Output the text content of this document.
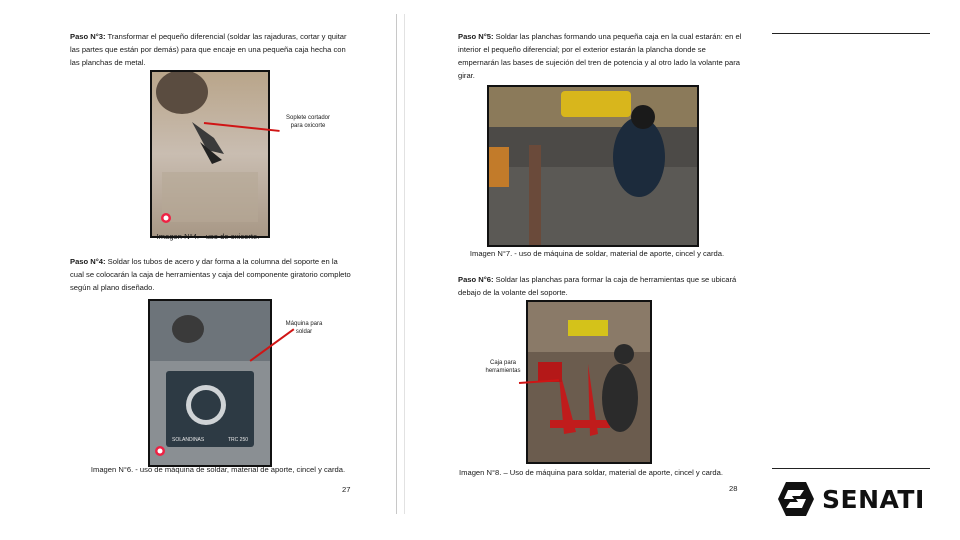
Paso N°3: Transformar el pequeño diferencial (soldar las rajaduras, cortar y quitar las partes que están por demás) para que encaje en una pequeña caja hecha con las planchas de metal.

Soplete cortador para oxicorte
Imagen N°4. - uso de oxicorte.

Paso N°4: Soldar los tubos de acero y dar forma a la columna del soporte en la cual se colocarán la caja de herramientas y caja del componente giratorio completo según al plano diseñado.

SOLANDINAS	TRC 250
Máquina para soldar
Imagen N°6. - uso de máquina de soldar, material de aporte, cincel y carda.
27

Paso N°5: Soldar las planchas formando una pequeña caja en la cual estarán: en el interior el pequeño diferencial; por el exterior estarán la plancha donde se empernarán las bases de sujeción del tren de potencia y al otro lado la volante para girar.

Imagen N°7. - uso de máquina de soldar, material de aporte, cincel y carda.

Paso N°6: Soldar las planchas para formar la caja de herramientas que se ubicará debajo de la volante del soporte.

Caja para herramientas
Imagen N°8. – Uso de máquina para soldar, material de aporte, cincel y carda.
28	SENATI
